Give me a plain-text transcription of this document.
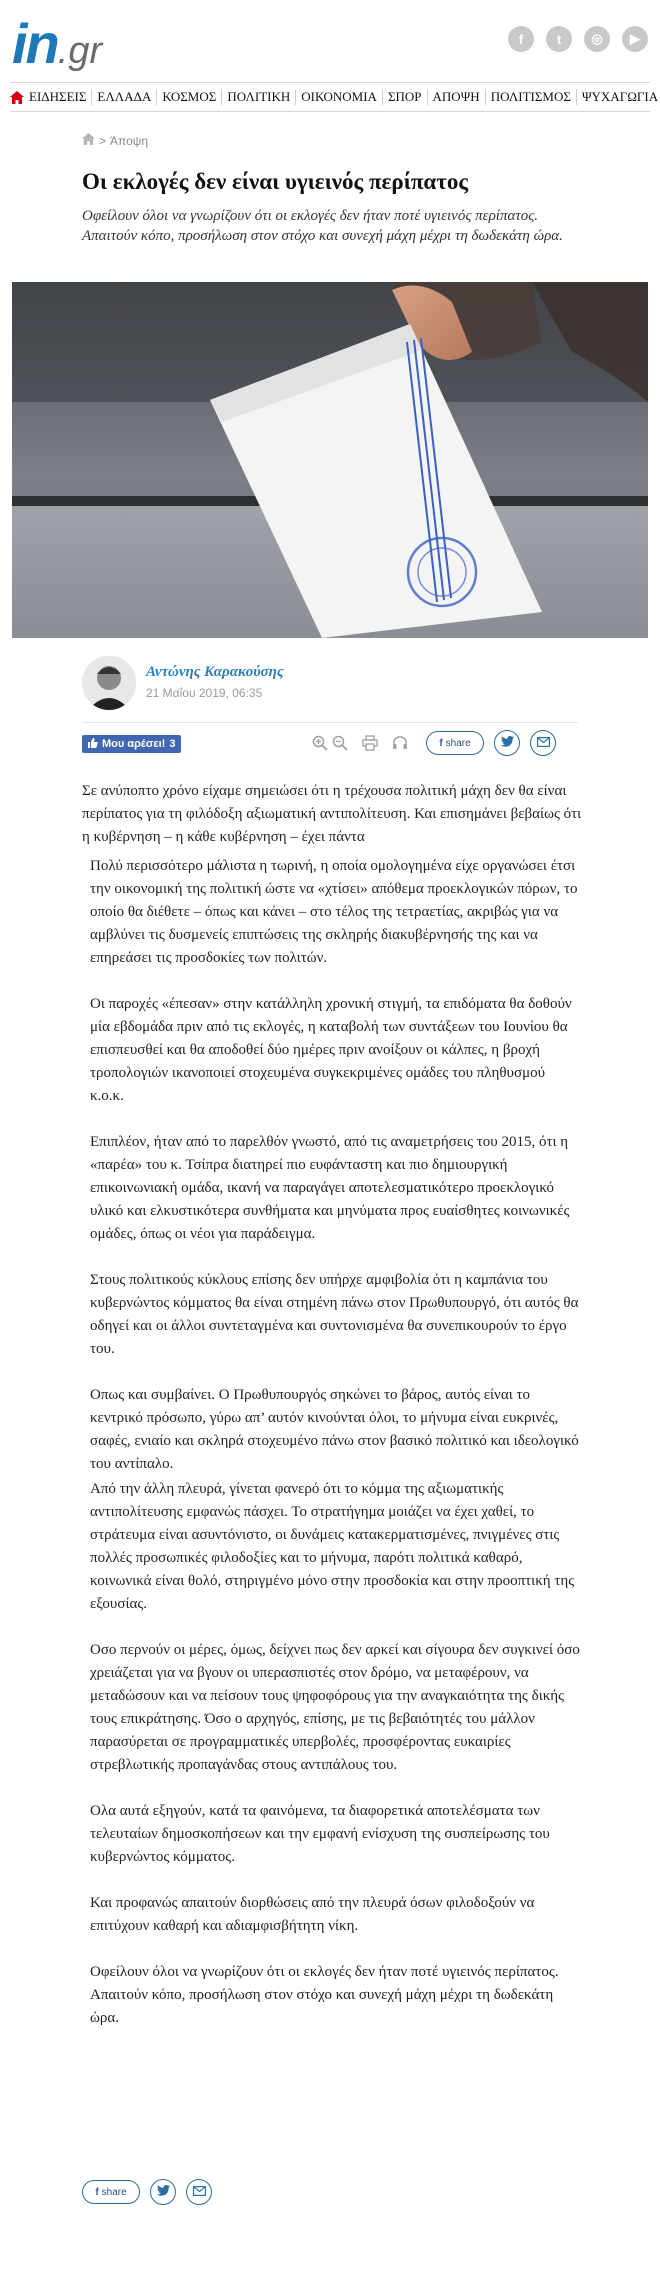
in.gr	f	t	◎	▶
ΕΙΔΗΣΕΙΣ ΕΛΛΑΔΑ ΚΟΣΜΟΣ ΠΟΛΙΤΙΚΗ ΟΙΚΟΝΟΜΙΑ ΣΠΟΡ ΑΠΟΨΗ ΠΟΛΙΤΙΣΜΟΣ ΨΥΧΑΓΩΓΙΑ
> Άποψη
Οι εκλογές δεν είναι υγιεινός περίπατος

Οφείλουν όλοι να γνωρίζουν ότι οι εκλογές δεν ήταν ποτέ υγιεινός περίπατος. Απαιτούν κόπο, προσήλωση στον στόχο και συνεχή μάχη μέχρι τη δωδεκάτη ώρα.

Αντώνης Καρακούσης
21 Μαΐου 2019, 06:35
Μου αρέσει! 3	f share

Σε ανύποπτο χρόνο είχαμε σημειώσει ότι η τρέχουσα πολιτική μάχη δεν θα είναι περίπατος για τη φιλόδοξη αξιωματική αντιπολίτευση. Και επισημάνει βεβαίως ότι η κυβέρνηση – η κάθε κυβέρνηση – έχει πάντα

Πολύ περισσότερο μάλιστα η τωρινή, η οποία ομολογημένα είχε οργανώσει έτσι την οικονομική της πολιτική ώστε να «χτίσει» απόθεμα προεκλογικών πόρων, το οποίο θα διέθετε – όπως και κάνει – στο τέλος της τετραετίας, ακριβώς για να αμβλύνει τις δυσμενείς επιπτώσεις της σκληρής διακυβέρνησής της και να επηρεάσει τις προσδοκίες των πολιτών.

Οι παροχές «έπεσαν» στην κατάλληλη χρονική στιγμή, τα επιδόματα θα δοθούν μία εβδομάδα πριν από τις εκλογές, η καταβολή των συντάξεων του Ιουνίου θα επισπευσθεί και θα αποδοθεί δύο ημέρες πριν ανοίξουν οι κάλπες, η βροχή τροπολογιών ικανοποιεί στοχευμένα συγκεκριμένες ομάδες του πληθυσμού κ.ο.κ.

Επιπλέον, ήταν από το παρελθόν γνωστό, από τις αναμετρήσεις του 2015, ότι η «παρέα» του κ. Τσίπρα διατηρεί πιο ευφάνταστη και πιο δημιουργική επικοινωνιακή ομάδα, ικανή να παραγάγει αποτελεσματικότερο προεκλογικό υλικό και ελκυστικότερα συνθήματα και μηνύματα προς ευαίσθητες κοινωνικές ομάδες, όπως οι νέοι για παράδειγμα.

Στους πολιτικούς κύκλους επίσης δεν υπήρχε αμφιβολία ότι η καμπάνια του κυβερνώντος κόμματος θα είναι στημένη πάνω στον Πρωθυπουργό, ότι αυτός θα οδηγεί και οι άλλοι συντεταγμένα και συντονισμένα θα συνεπικουρούν το έργο του.

Οπως και συμβαίνει. Ο Πρωθυπουργός σηκώνει το βάρος, αυτός είναι το κεντρικό πρόσωπο, γύρω απ’ αυτόν κινούνται όλοι, το μήνυμα είναι ευκρινές, σαφές, ενιαίο και σκληρά στοχευμένο πάνω στον βασικό πολιτικό και ιδεολογικό του αντίπαλο.

Από την άλλη πλευρά, γίνεται φανερό ότι το κόμμα της αξιωματικής αντιπολίτευσης εμφανώς πάσχει. Το στρατήγημα μοιάζει να έχει χαθεί, το στράτευμα είναι ασυντόνιστο, οι δυνάμεις κατακερματισμένες, πνιγμένες στις πολλές προσωπικές φιλοδοξίες και το μήνυμα, παρότι πολιτικά καθαρό, κοινωνικά είναι θολό, στηριγμένο μόνο στην προσδοκία και στην προοπτική της εξουσίας.

Οσο περνούν οι μέρες, όμως, δείχνει πως δεν αρκεί και σίγουρα δεν συγκινεί όσο χρειάζεται για να βγουν οι υπερασπιστές στον δρόμο, να μεταφέρουν, να μεταδώσουν και να πείσουν τους ψηφοφόρους για την αναγκαιότητα της δικής τους επικράτησης. Όσο ο αρχηγός, επίσης, με τις βεβαιότητές του μάλλον παρασύρεται σε προγραμματικές υπερβολές, προσφέροντας ευκαιρίες στρεβλωτικής προπαγάνδας στους αντιπάλους του.

Ολα αυτά εξηγούν, κατά τα φαινόμενα, τα διαφορετικά αποτελέσματα των τελευταίων δημοσκοπήσεων και την εμφανή ενίσχυση της συσπείρωσης του κυβερνώντος κόμματος.

Και προφανώς απαιτούν διορθώσεις από την πλευρά όσων φιλοδοξούν να επιτύχουν καθαρή και αδιαμφισβήτητη νίκη.

Οφείλουν όλοι να γνωρίζουν ότι οι εκλογές δεν ήταν ποτέ υγιεινός περίπατος. Απαιτούν κόπο, προσήλωση στον στόχο και συνεχή μάχη μέχρι τη δωδεκάτη ώρα.

f share
